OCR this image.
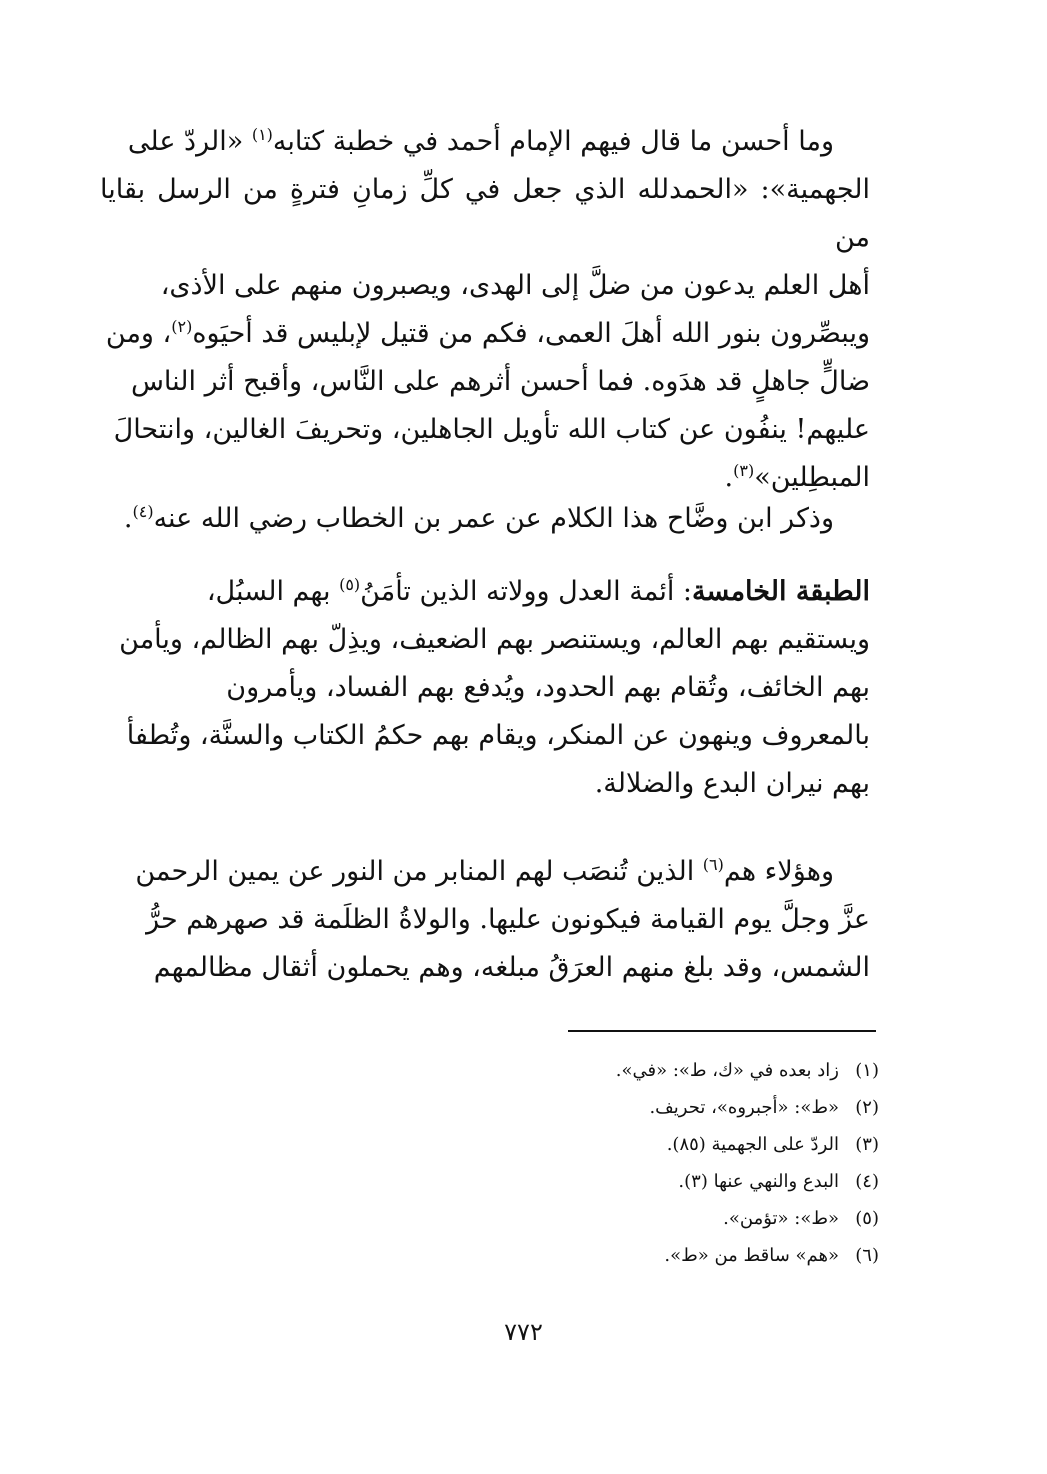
وما أحسن ما قال فيهم الإمام أحمد في خطبة كتابه$^{(١)}$ «الردّ على
الجهمية»: «الحمدلله الذي جعل في كلِّ زمانِ فترةٍ من الرسل بقايا من
أهل العلم يدعون من ضلَّ إلى الهدى، ويصبرون منهم على الأذى،
ويبصِّرون بنور الله أهلَ العمى، فكم من قتيل لإبليس قد أحيَوه$^{(٢)}$، ومن
ضالٍّ جاهلٍ قد هدَوه. فما أحسن أثرهم على النَّاس، وأقبح أثر الناس
عليهم! ينفُون عن كتاب الله تأويل الجاهلين، وتحريفَ الغالين، وانتحالَ
المبطِلين»$^{(٣)}$.
وذكر ابن وضَّاح هذا الكلام عن عمر بن الخطاب رضي الله عنه$^{(٤)}$.
الطبقة الخامسة: أئمة العدل وولاته الذين تأمَنُ$^{(٥)}$ بهم السبُل،
ويستقيم بهم العالم، ويستنصر بهم الضعيف، ويذِلّ بهم الظالم، ويأمن
بهم الخائف، وتُقام بهم الحدود، ويُدفع بهم الفساد، ويأمرون
بالمعروف وينهون عن المنكر، ويقام بهم حكمُ الكتاب والسنَّة، وتُطفأ
بهم نيران البدع والضلالة.
وهؤلاء هم$^{(٦)}$ الذين تُنصَب لهم المنابر من النور عن يمين الرحمن
عزَّ وجلَّ يوم القيامة فيكونون عليها. والولاةُ الظلَمة قد صهرهم حرُّ
الشمس، وقد بلغ منهم العرَقُ مبلغه، وهم يحملون أثقال مظالمهم
(١)زاد بعده في «ك، ط»: «في».
(٢)«ط»: «أجبروه»، تحريف.
(٣)الردّ على الجهمية (٨٥).
(٤)البدع والنهي عنها (٣).
(٥)«ط»: «تؤمن».
(٦)«هم» ساقط من «ط».
٧٧٢
